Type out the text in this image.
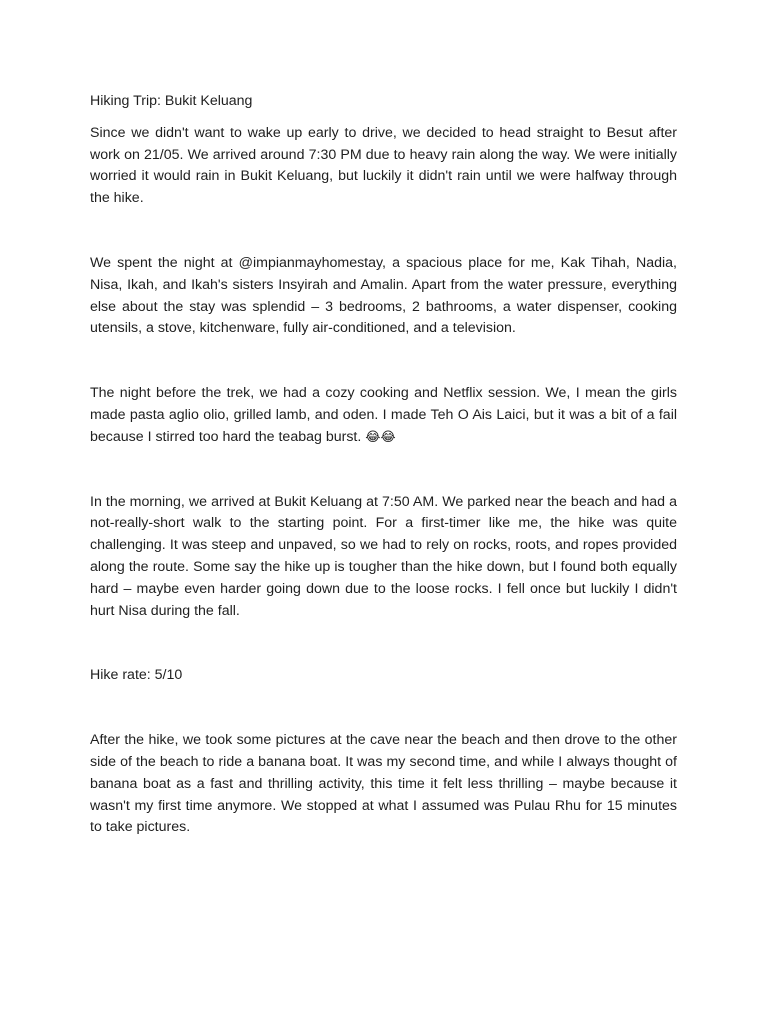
Hiking Trip: Bukit Keluang

Since we didn't want to wake up early to drive, we decided to head straight to Besut after work on 21/05. We arrived around 7:30 PM due to heavy rain along the way. We were initially worried it would rain in Bukit Keluang, but luckily it didn't rain until we were halfway through the hike.

We spent the night at @impianmayhomestay, a spacious place for me, Kak Tihah, Nadia, Nisa, Ikah, and Ikah's sisters Insyirah and Amalin. Apart from the water pressure, everything else about the stay was splendid – 3 bedrooms, 2 bathrooms, a water dispenser, cooking utensils, a stove, kitchenware, fully air-conditioned, and a television.

The night before the trek, we had a cozy cooking and Netflix session. We, I mean the girls made pasta aglio olio, grilled lamb, and oden. I made Teh O Ais Laici, but it was a bit of a fail because I stirred too hard the teabag burst. 😂😂

In the morning, we arrived at Bukit Keluang at 7:50 AM. We parked near the beach and had a not-really-short walk to the starting point. For a first-timer like me, the hike was quite challenging. It was steep and unpaved, so we had to rely on rocks, roots, and ropes provided along the route. Some say the hike up is tougher than the hike down, but I found both equally hard – maybe even harder going down due to the loose rocks. I fell once but luckily I didn't hurt Nisa during the fall.

Hike rate: 5/10

After the hike, we took some pictures at the cave near the beach and then drove to the other side of the beach to ride a banana boat. It was my second time, and while I always thought of banana boat as a fast and thrilling activity, this time it felt less thrilling – maybe because it wasn't my first time anymore. We stopped at what I assumed was Pulau Rhu for 15 minutes to take pictures.
